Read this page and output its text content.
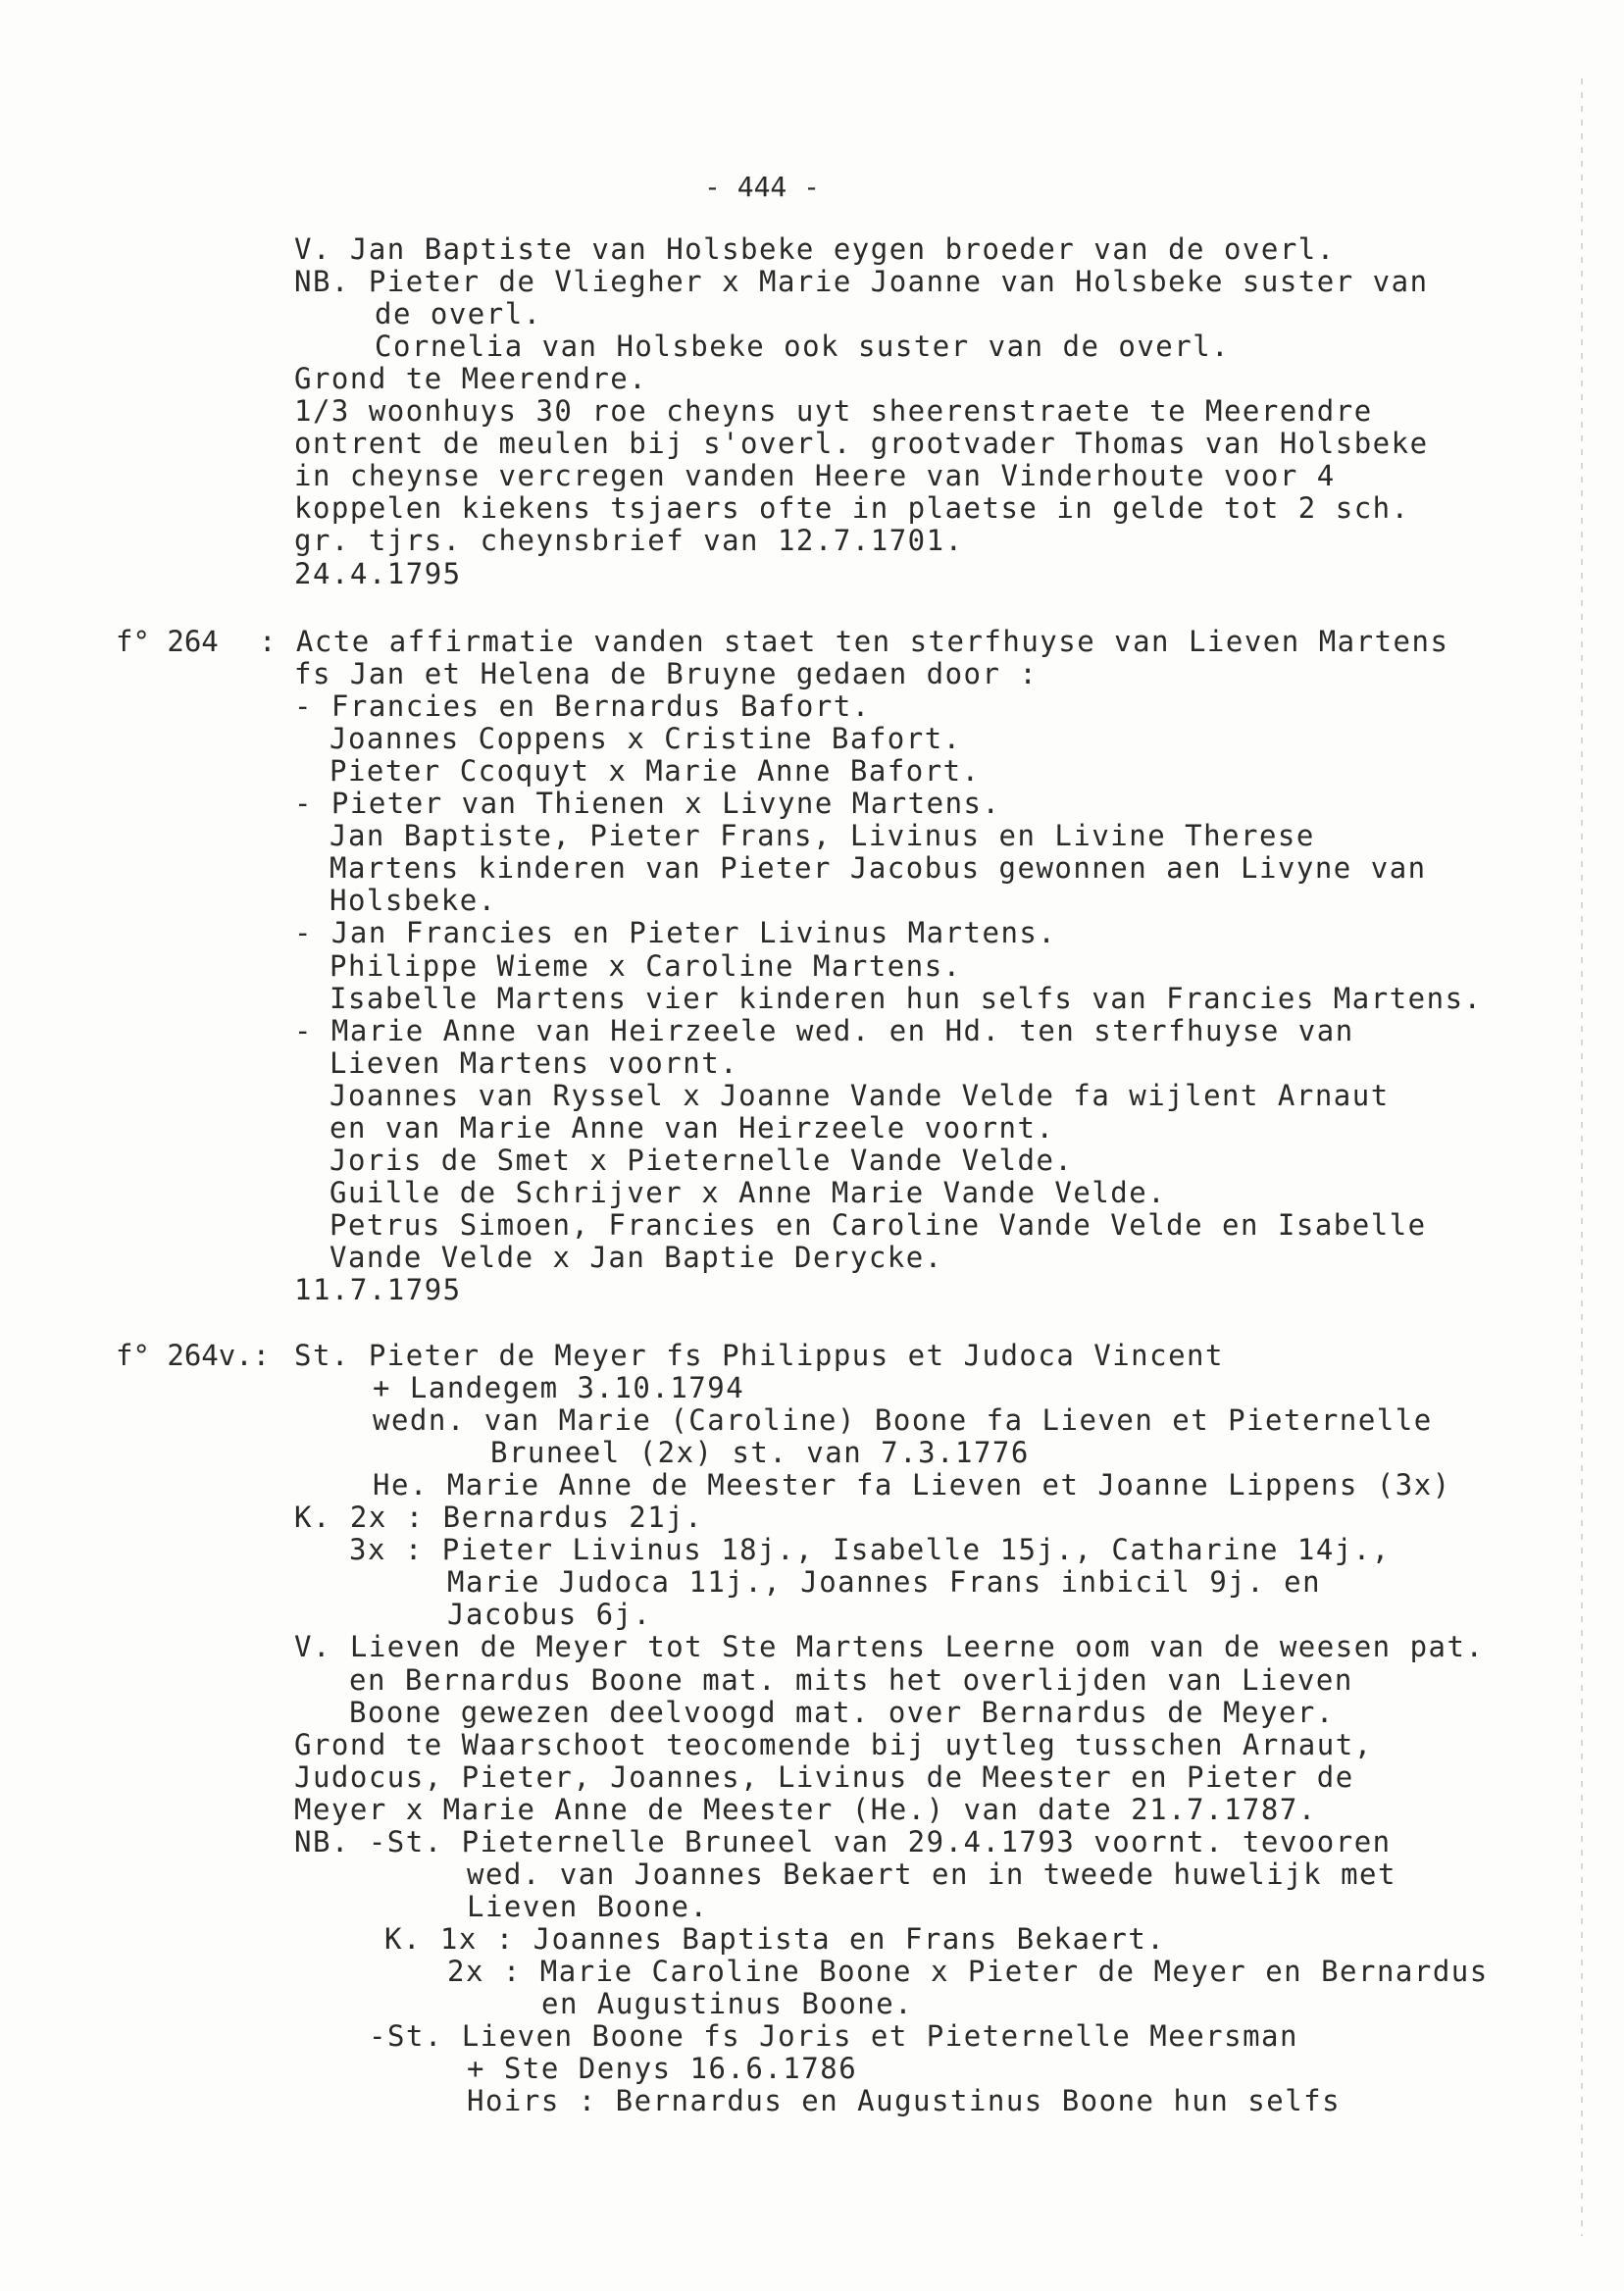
- 444 -
V. Jan Baptiste van Holsbeke eygen broeder van de overl.
NB. Pieter de Vliegher x Marie Joanne van Holsbeke suster van
de overl.
Cornelia van Holsbeke ook suster van de overl.
Grond te Meerendre.
1/3 woonhuys 30 roe cheyns uyt sheerenstraete te Meerendre
ontrent de meulen bij s'overl. grootvader Thomas van Holsbeke
in cheynse vercregen vanden Heere van Vinderhoute voor 4
koppelen kiekens tsjaers ofte in plaetse in gelde tot 2 sch.
gr. tjrs. cheynsbrief van 12.7.1701.
24.4.1795
f° 264 : Acte affirmatie vanden staet ten sterfhuyse van Lieven Martens
fs Jan et Helena de Bruyne gedaen door :
- Francies en Bernardus Bafort.
Joannes Coppens x Cristine Bafort.
Pieter Ccoquyt x Marie Anne Bafort.
- Pieter van Thienen x Livyne Martens.
Jan Baptiste, Pieter Frans, Livinus en Livine Therese
Martens kinderen van Pieter Jacobus gewonnen aen Livyne van
Holsbeke.
- Jan Francies en Pieter Livinus Martens.
Philippe Wieme x Caroline Martens.
Isabelle Martens vier kinderen hun selfs van Francies Martens.
- Marie Anne van Heirzeele wed. en Hd. ten sterfhuyse van
Lieven Martens voornt.
Joannes van Ryssel x Joanne Vande Velde fa wijlent Arnaut
en van Marie Anne van Heirzeele voornt.
Joris de Smet x Pieternelle Vande Velde.
Guille de Schrijver x Anne Marie Vande Velde.
Petrus Simoen, Francies en Caroline Vande Velde en Isabelle
Vande Velde x Jan Baptie Derycke.
11.7.1795
f° 264v.: St. Pieter de Meyer fs Philippus et Judoca Vincent
+ Landegem 3.10.1794
wedn. van Marie (Caroline) Boone fa Lieven et Pieternelle
Bruneel (2x) st. van 7.3.1776
He. Marie Anne de Meester fa Lieven et Joanne Lippens (3x)
K. 2x : Bernardus 21j.
3x : Pieter Livinus 18j., Isabelle 15j., Catharine 14j.,
Marie Judoca 11j., Joannes Frans inbicil 9j. en
Jacobus 6j.
V. Lieven de Meyer tot Ste Martens Leerne oom van de weesen pat.
en Bernardus Boone mat. mits het overlijden van Lieven
Boone gewezen deelvoogd mat. over Bernardus de Meyer.
Grond te Waarschoot teocomende bij uytleg tusschen Arnaut,
Judocus, Pieter, Joannes, Livinus de Meester en Pieter de
Meyer x Marie Anne de Meester (He.) van date 21.7.1787.
NB. -St. Pieternelle Bruneel van 29.4.1793 voornt. tevooren
wed. van Joannes Bekaert en in tweede huwelijk met
Lieven Boone.
K. 1x : Joannes Baptista en Frans Bekaert.
2x : Marie Caroline Boone x Pieter de Meyer en Bernardus
en Augustinus Boone.
-St. Lieven Boone fs Joris et Pieternelle Meersman
+ Ste Denys 16.6.1786
Hoirs : Bernardus en Augustinus Boone hun selfs
